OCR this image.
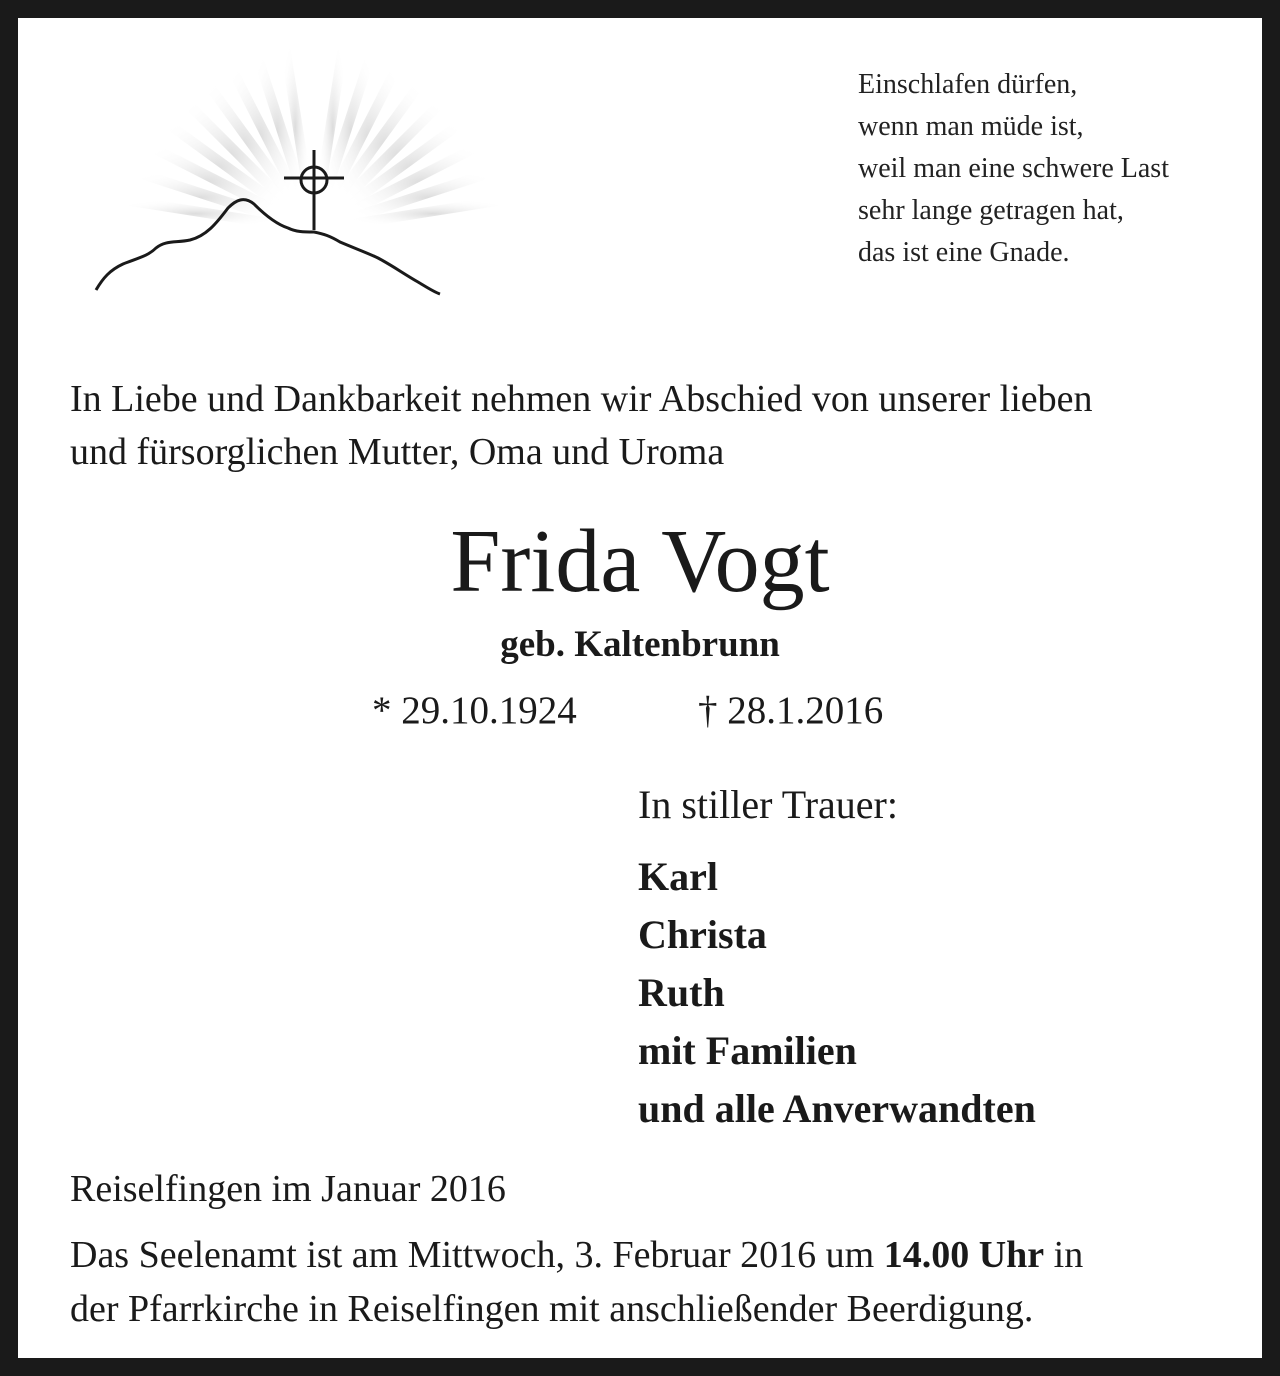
Einschlafen dürfen,
wenn man müde ist,
weil man eine schwere Last
sehr lange getragen hat,
das ist eine Gnade.
In Liebe und Dankbarkeit nehmen wir Abschied von unserer lieben
und fürsorglichen Mutter, Oma und Uroma
Frida Vogt
geb. Kaltenbrunn
* 29.10.1924	† 28.1.2016
In stiller Trauer:
Karl
Christa
Ruth
mit Familien
und alle Anverwandten
Reiselfingen im Januar 2016
Das Seelenamt ist am Mittwoch, 3. Februar 2016 um 14.00 Uhr in
der Pfarrkirche in Reiselfingen mit anschließender Beerdigung.
